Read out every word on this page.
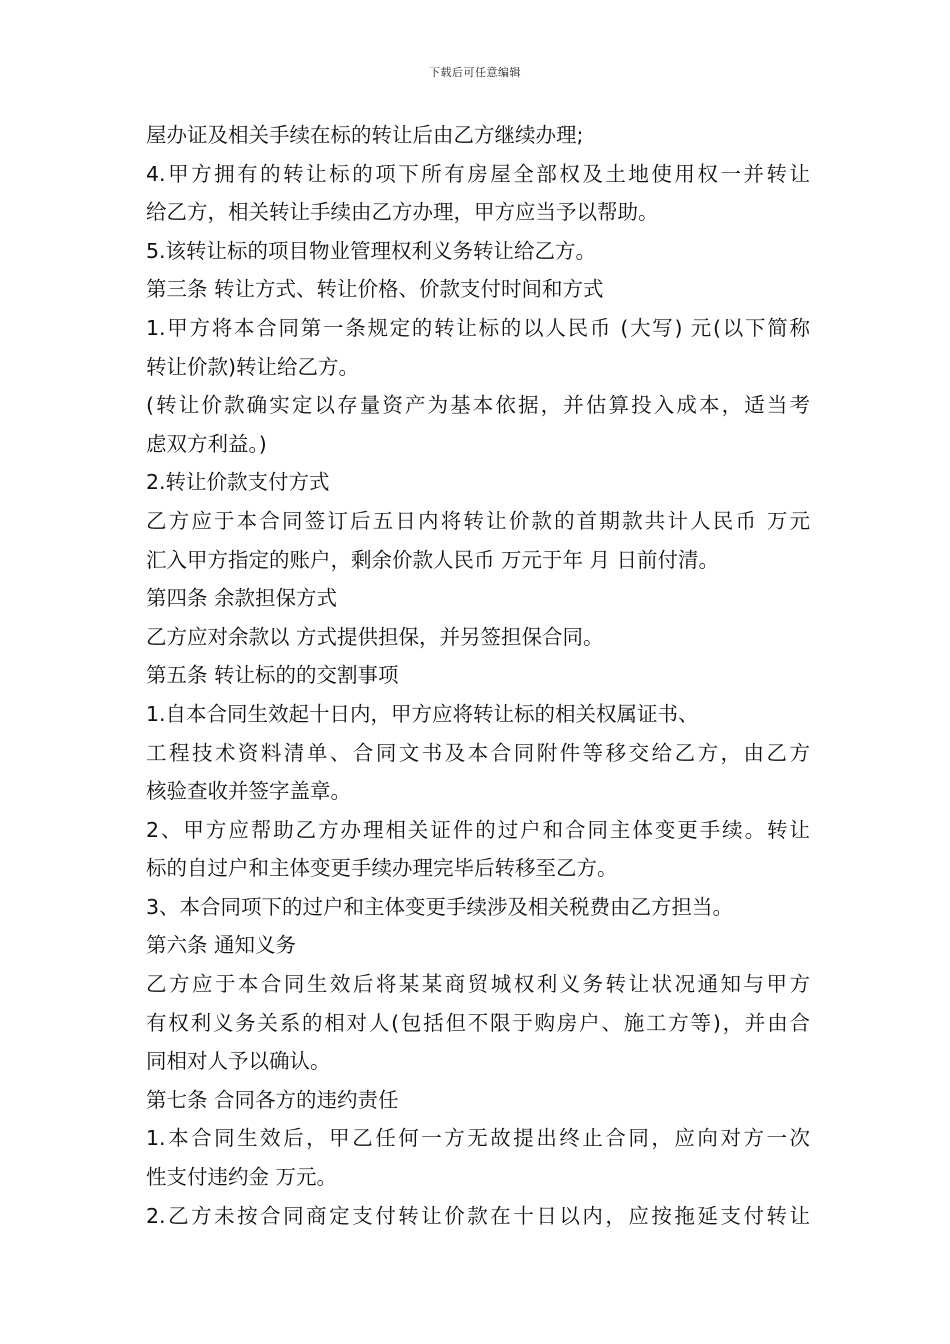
下载后可任意编辑
屋办证及相关手续在标的转让后由乙方继续办理;
4.甲方拥有的转让标的项下所有房屋全部权及土地使用权一并转让
给乙方，相关转让手续由乙方办理，甲方应当予以帮助。
5.该转让标的项目物业管理权利义务转让给乙方。
第三条 转让方式、转让价格、价款支付时间和方式
1.甲方将本合同第一条规定的转让标的以人民币 (大写) 元(以下简称
转让价款)转让给乙方。
(转让价款确实定以存量资产为基本依据，并估算投入成本，适当考
虑双方利益。)
2.转让价款支付方式
乙方应于本合同签订后五日内将转让价款的首期款共计人民币 万元
汇入甲方指定的账户，剩余价款人民币 万元于年 月 日前付清。
第四条 余款担保方式
乙方应对余款以 方式提供担保，并另签担保合同。
第五条 转让标的的交割事项
1.自本合同生效起十日内，甲方应将转让标的相关权属证书、
工程技术资料清单、合同文书及本合同附件等移交给乙方，由乙方
核验查收并签字盖章。
2、甲方应帮助乙方办理相关证件的过户和合同主体变更手续。转让
标的自过户和主体变更手续办理完毕后转移至乙方。
3、本合同项下的过户和主体变更手续涉及相关税费由乙方担当。
第六条 通知义务
乙方应于本合同生效后将某某商贸城权利义务转让状况通知与甲方
有权利义务关系的相对人(包括但不限于购房户、施工方等)，并由合
同相对人予以确认。
第七条 合同各方的违约责任
1.本合同生效后，甲乙任何一方无故提出终止合同，应向对方一次
性支付违约金 万元。
2.乙方未按合同商定支付转让价款在十日以内，应按拖延支付转让
